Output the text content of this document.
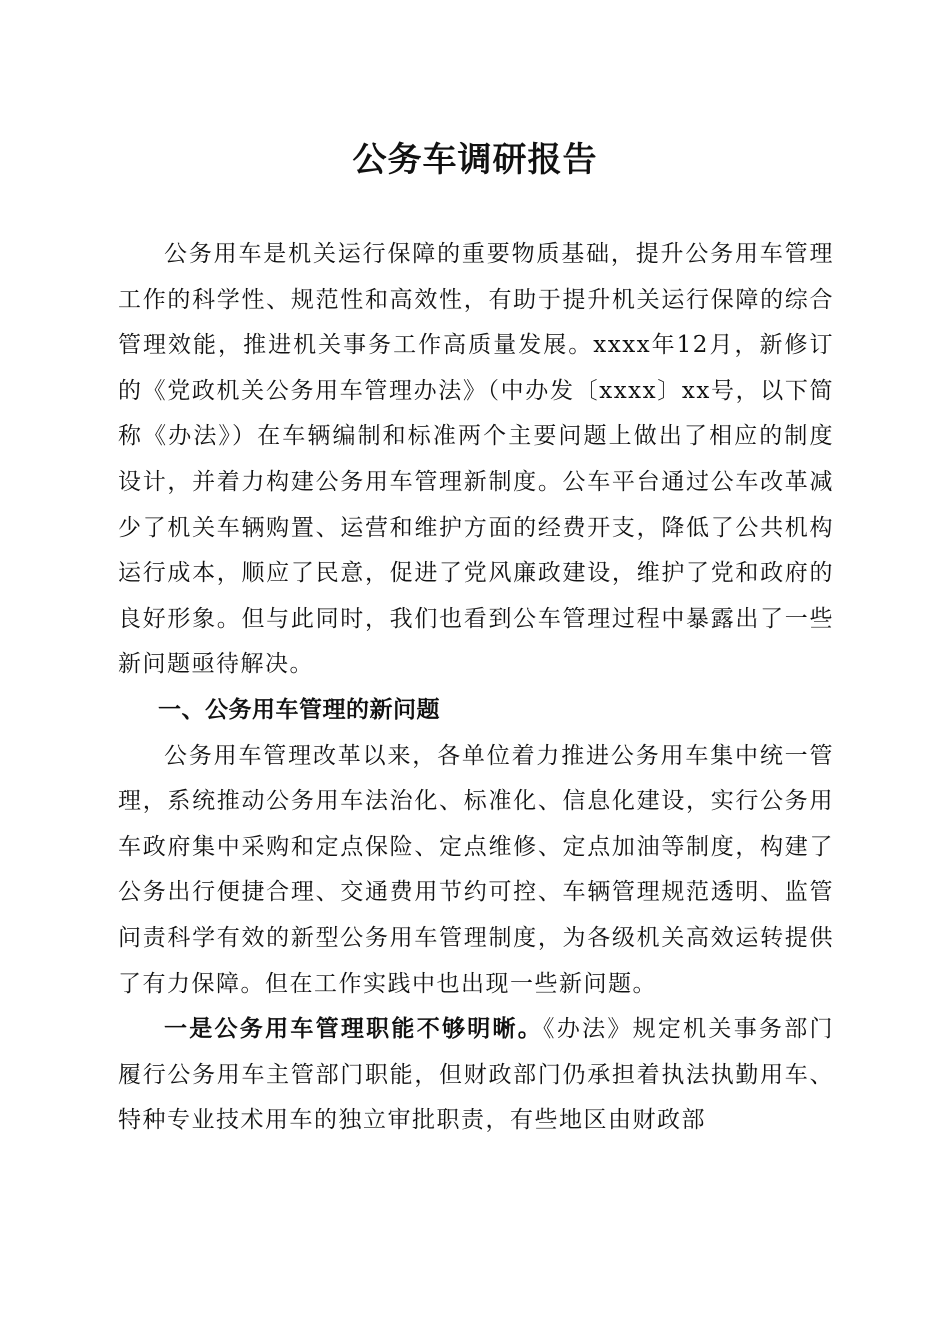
公务车调研报告

公务用车是机关运行保障的重要物质基础，提升公务用车管理工作的科学性、规范性和高效性，有助于提升机关运行保障的综合管理效能，推进机关事务工作高质量发展。xxxx年12月，新修订的《党政机关公务用车管理办法》（中办发〔xxxx〕xx号，以下简称《办法》）在车辆编制和标准两个主要问题上做出了相应的制度设计，并着力构建公务用车管理新制度。公车平台通过公车改革减少了机关车辆购置、运营和维护方面的经费开支，降低了公共机构运行成本，顺应了民意，促进了党风廉政建设，维护了党和政府的良好形象。但与此同时，我们也看到公车管理过程中暴露出了一些新问题亟待解决。

一、公务用车管理的新问题

公务用车管理改革以来，各单位着力推进公务用车集中统一管理，系统推动公务用车法治化、标准化、信息化建设，实行公务用车政府集中采购和定点保险、定点维修、定点加油等制度，构建了公务出行便捷合理、交通费用节约可控、车辆管理规范透明、监管问责科学有效的新型公务用车管理制度，为各级机关高效运转提供了有力保障。但在工作实践中也出现一些新问题。

一是公务用车管理职能不够明晰。《办法》规定机关事务部门履行公务用车主管部门职能，但财政部门仍承担着执法执勤用车、特种专业技术用车的独立审批职责，有些地区由财政部
